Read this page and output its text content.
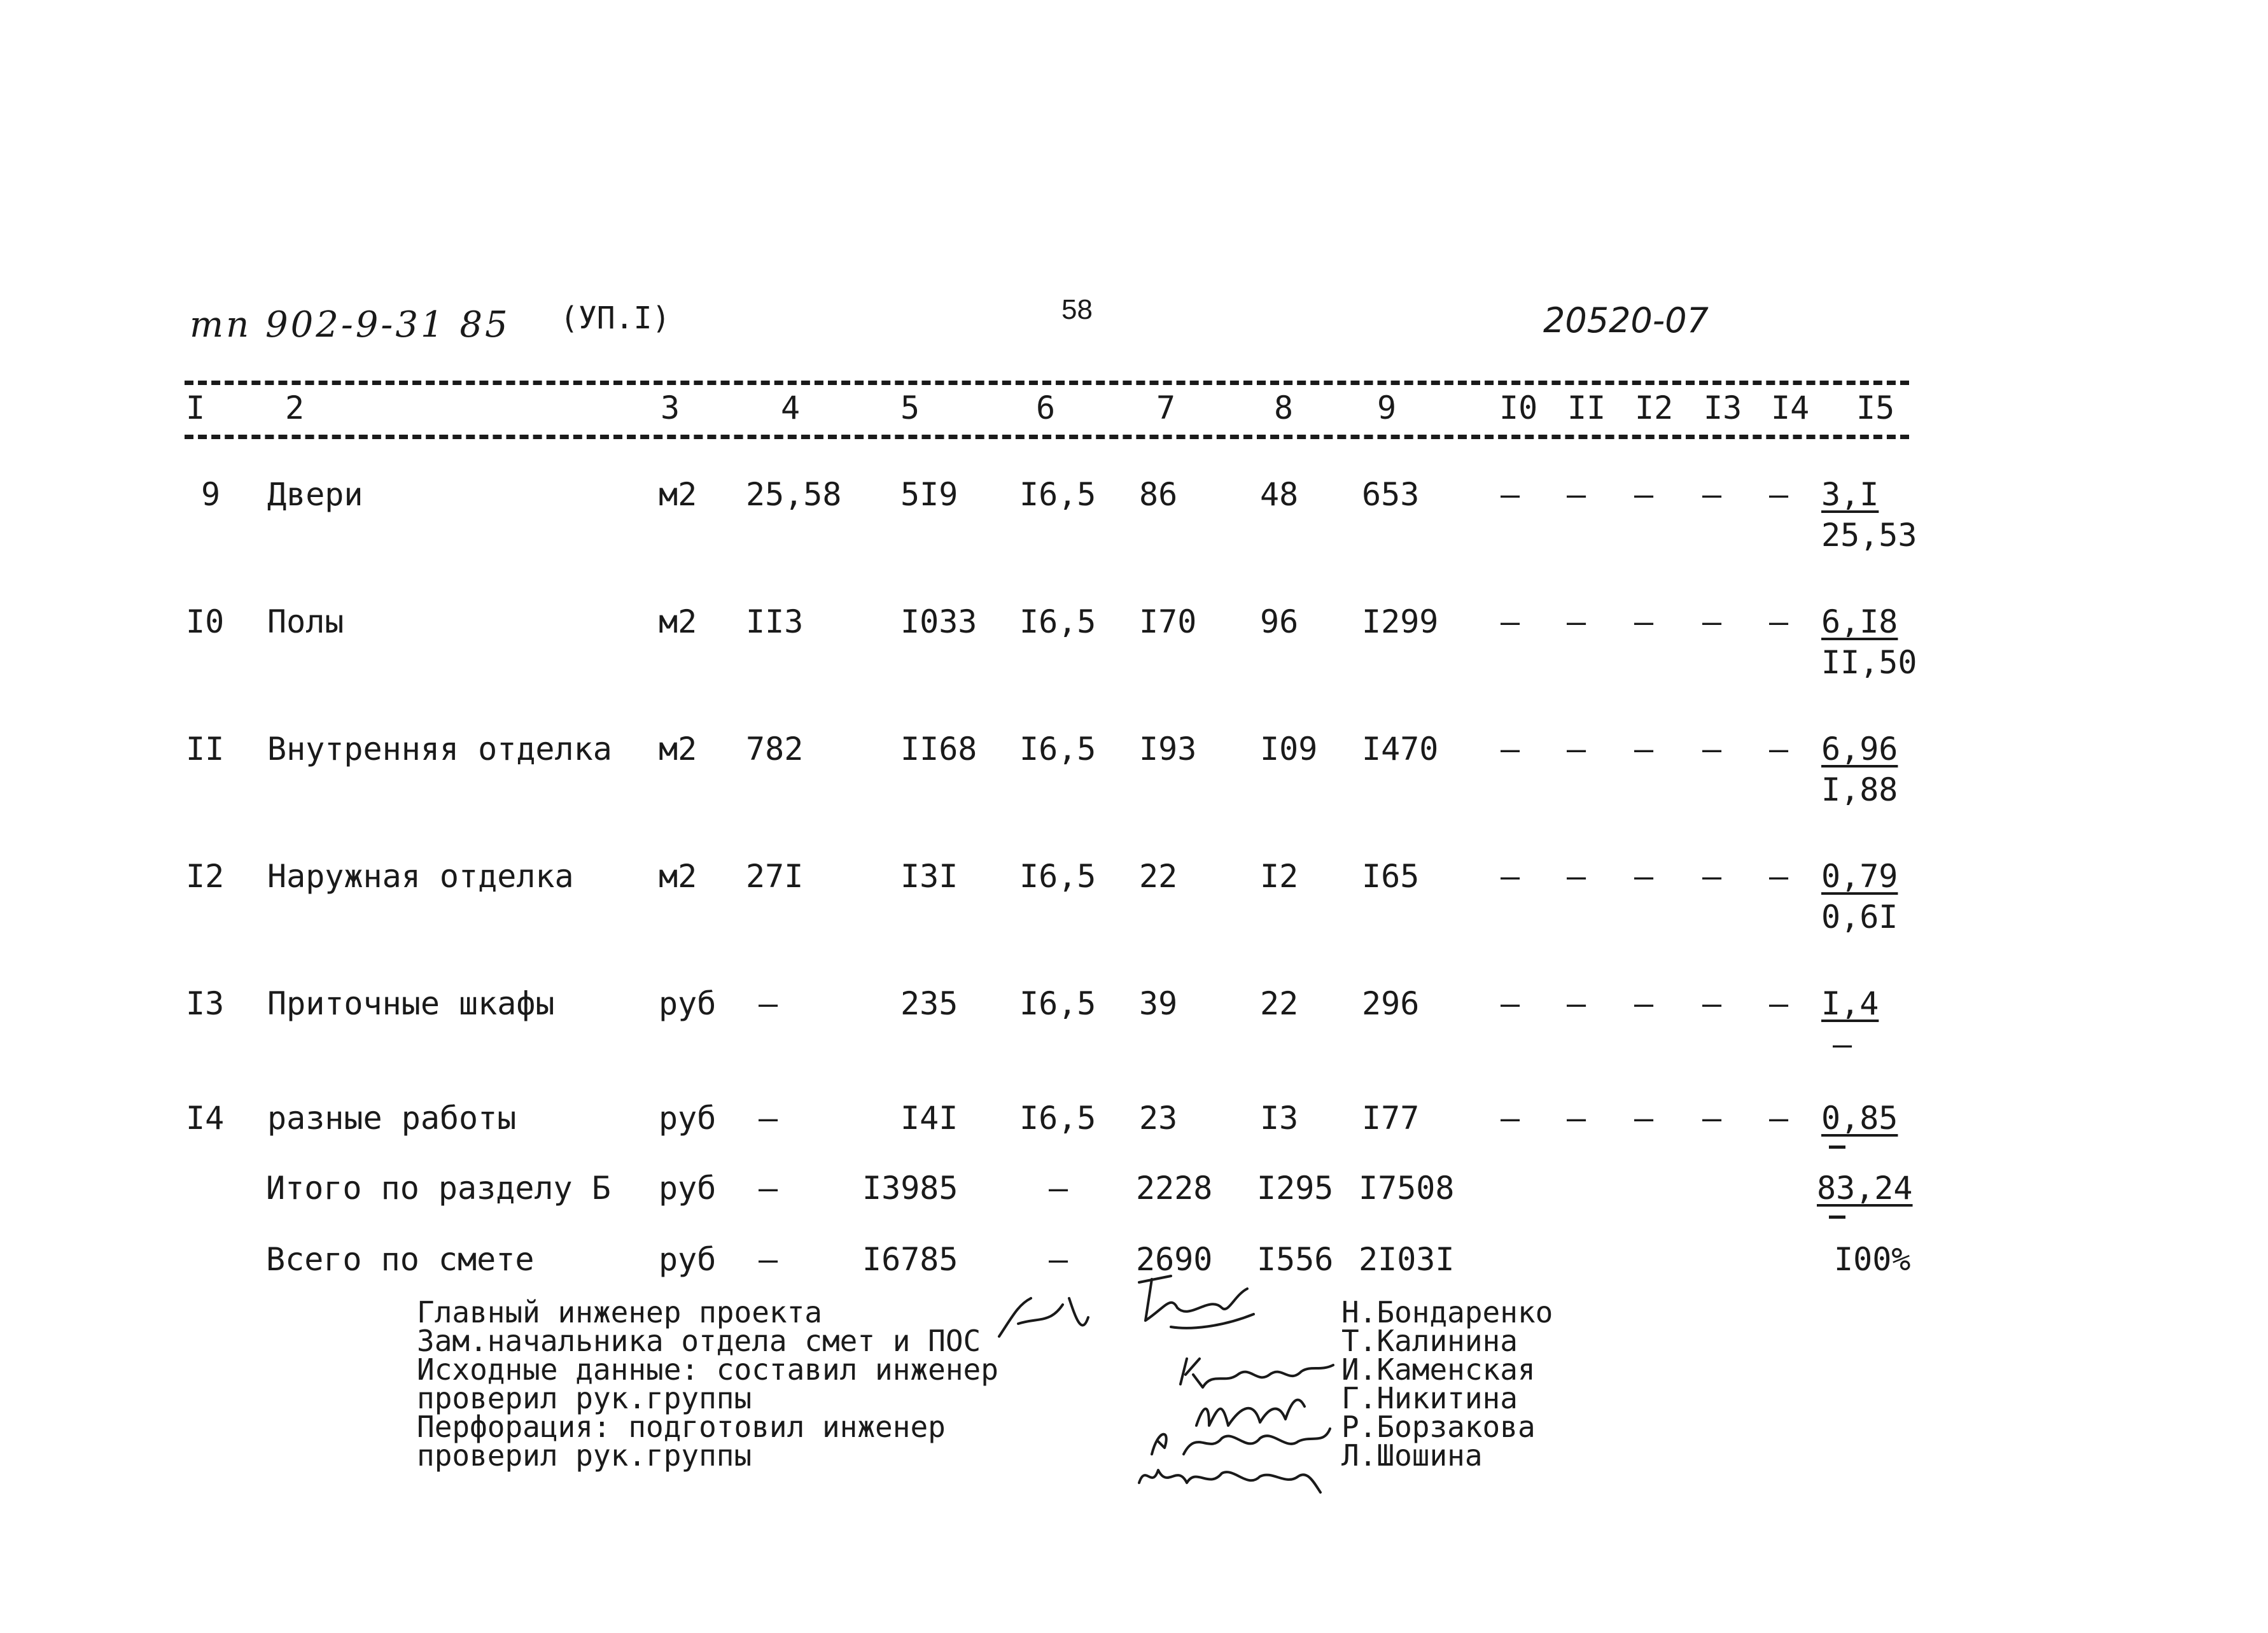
тп 902-9-31 85 (УП.I)	58	20520-07
I	2	3	4	5	6	7	8	9	I0 II I2 I3 I4 I5
9 Двери	м2 25,58 5I9 I6,5 86	48 653	– – – – – 3,I
25,53
I0 Полы	м2 II3	I033 I6,5 I70 96 I299 – – – – – 6,I8
II,50
II Внутренняя отделка м2 782	II68 I6,5 I93 I09 I470 – – – – – 6,96
I,88
I2 Наружная отделка	м2 27I	I3I I6,5 22	I2 I65	– – – – – 0,79
0,6I
I3 Приточные шкафы	руб –	235 I6,5 39	22 296	– – – – – I,4
–
I4 разные работы	руб –	I4I I6,5 23	I3 I77	– – – – – 0,85
Итого по разделу Б руб –	I3985	– 2228 I295 I7508	83,24
Всего по смете	руб –	I6785	– 2690 I556 2I03I	I00%
Главный инженер проекта
Зам.начальника отдела смет и ПОС
Исходные данные: составил инженер
проверил рук.группы
Перфорация: подготовил инженер
проверил рук.группы
Н.Бондаренко
Т.Калинина
И.Каменская
Г.Никитина
Р.Борзакова
Л.Шошина
